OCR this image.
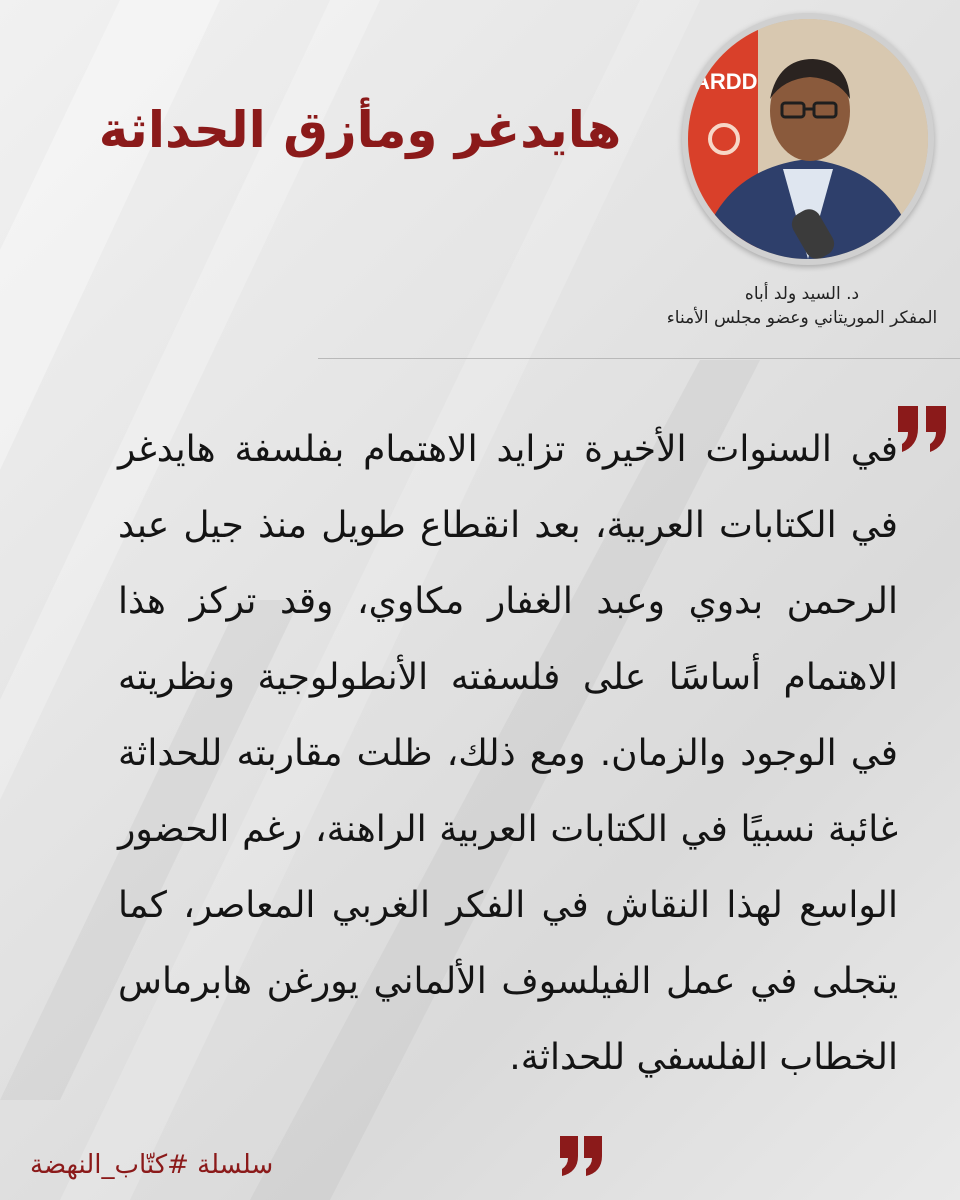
هايدغر ومأزق الحداثة
ARDD
د. السيد ولد أباه
المفكر الموريتاني وعضو مجلس الأمناء

في السنوات الأخيرة تزايد الاهتمام بفلسفة هايدغر في الكتابات العربية، بعد انقطاع طويل منذ جيل عبد الرحمن بدوي وعبد الغفار مكاوي، وقد تركز هذا الاهتمام أساسًا على فلسفته الأنطولوجية ونظريته في الوجود والزمان. ومع ذلك، ظلت مقاربته للحداثة غائبة نسبيًا في الكتابات العربية الراهنة، رغم الحضور الواسع لهذا النقاش في الفكر الغربي المعاصر، كما يتجلى في عمل الفيلسوف الألماني يورغن هابرماس الخطاب الفلسفي للحداثة.

سلسلة #كتّاب_النهضة
